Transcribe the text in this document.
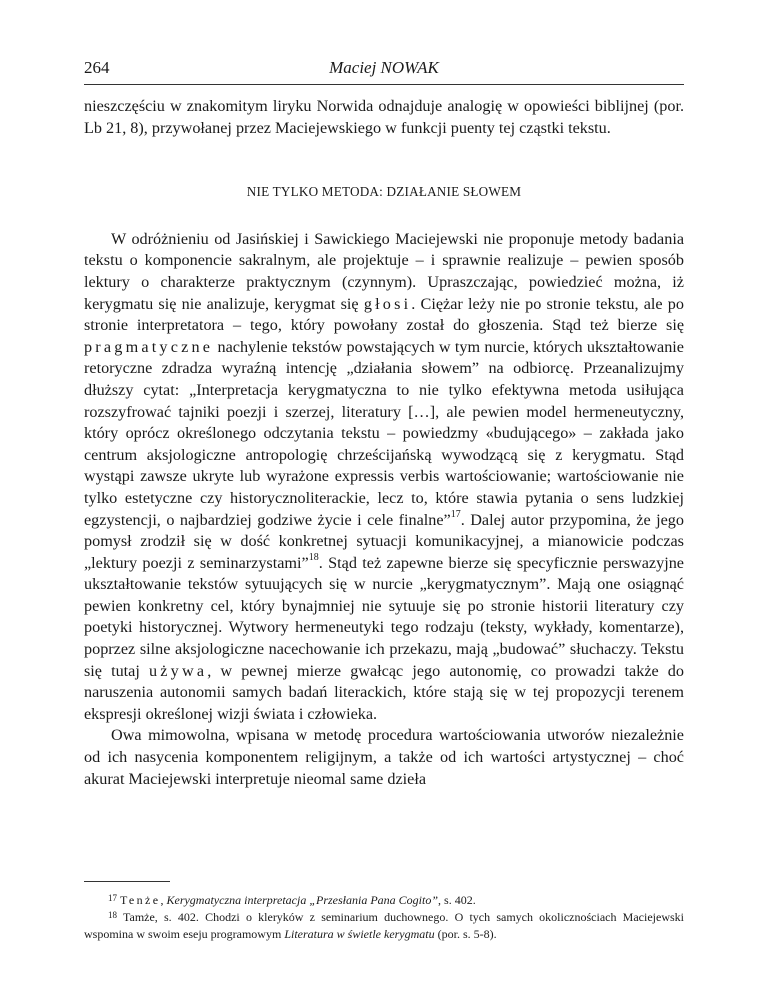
264	Maciej NOWAK

nieszczęściu w znakomitym liryku Norwida odnajduje analogię w opowieści biblijnej (por. Lb 21, 8), przywołanej przez Maciejewskiego w funkcji puenty tej cząstki tekstu.

NIE TYLKO METODA: DZIAŁANIE SŁOWEM

W odróżnieniu od Jasińskiej i Sawickiego Maciejewski nie proponuje metody badania tekstu o komponencie sakralnym, ale projektuje – i sprawnie realizuje – pewien sposób lektury o charakterze praktycznym (czynnym). Upraszczając, powiedzieć można, iż kerygmatu się nie analizuje, kerygmat się głosi. Ciężar leży nie po stronie tekstu, ale po stronie interpretatora – tego, który powołany został do głoszenia. Stąd też bierze się pragmatyczne nachylenie tekstów powstających w tym nurcie, których ukształtowanie retoryczne zdradza wyraźną intencję „działania słowem” na odbiorcę. Przeanalizujmy dłuższy cytat: „Interpretacja kerygmatyczna to nie tylko efektywna metoda usiłująca rozszyfrować tajniki poezji i szerzej, literatury […], ale pewien model hermeneutyczny, który oprócz określonego odczytania tekstu – powiedzmy «budującego» – zakłada jako centrum aksjologiczne antropologię chrześcijańską wywodzącą się z kerygmatu. Stąd wystąpi zawsze ukryte lub wyrażone expressis verbis wartościowanie; wartościowanie nie tylko estetyczne czy historycznoliterackie, lecz to, które stawia pytania o sens ludzkiej egzystencji, o najbardziej godziwe życie i cele finalne”$^{17}$. Dalej autor przypomina, że jego pomysł zrodził się w dość konkretnej sytuacji komunikacyjnej, a mianowicie podczas „lektury poezji z seminarzystami”$^{18}$. Stąd też zapewne bierze się specyficznie perswazyjne ukształtowanie tekstów sytuujących się w nurcie „kerygmatycznym”. Mają one osiągnąć pewien konkretny cel, który bynajmniej nie sytuuje się po stronie historii literatury czy poetyki historycznej. Wytwory hermeneutyki tego rodzaju (teksty, wykłady, komentarze), poprzez silne aksjologiczne nacechowanie ich przekazu, mają „budować” słuchaczy. Tekstu się tutaj używa, w pewnej mierze gwałcąc jego autonomię, co prowadzi także do naruszenia autonomii samych badań literackich, które stają się w tej propozycji terenem ekspresji określonej wizji świata i człowieka.

Owa mimowolna, wpisana w metodę procedura wartościowania utworów niezależnie od ich nasycenia komponentem religijnym, a także od ich wartości artystycznej – choć akurat Maciejewski interpretuje nieomal same dzieła

$^{17}$ Tenże, Kerygmatyczna interpretacja „Przesłania Pana Cogito”, s. 402.

$^{18}$ Tamże, s. 402. Chodzi o kleryków z seminarium duchownego. O tych samych okolicznościach Maciejewski wspomina w swoim eseju programowym Literatura w świetle kerygmatu (por. s. 5-8).
